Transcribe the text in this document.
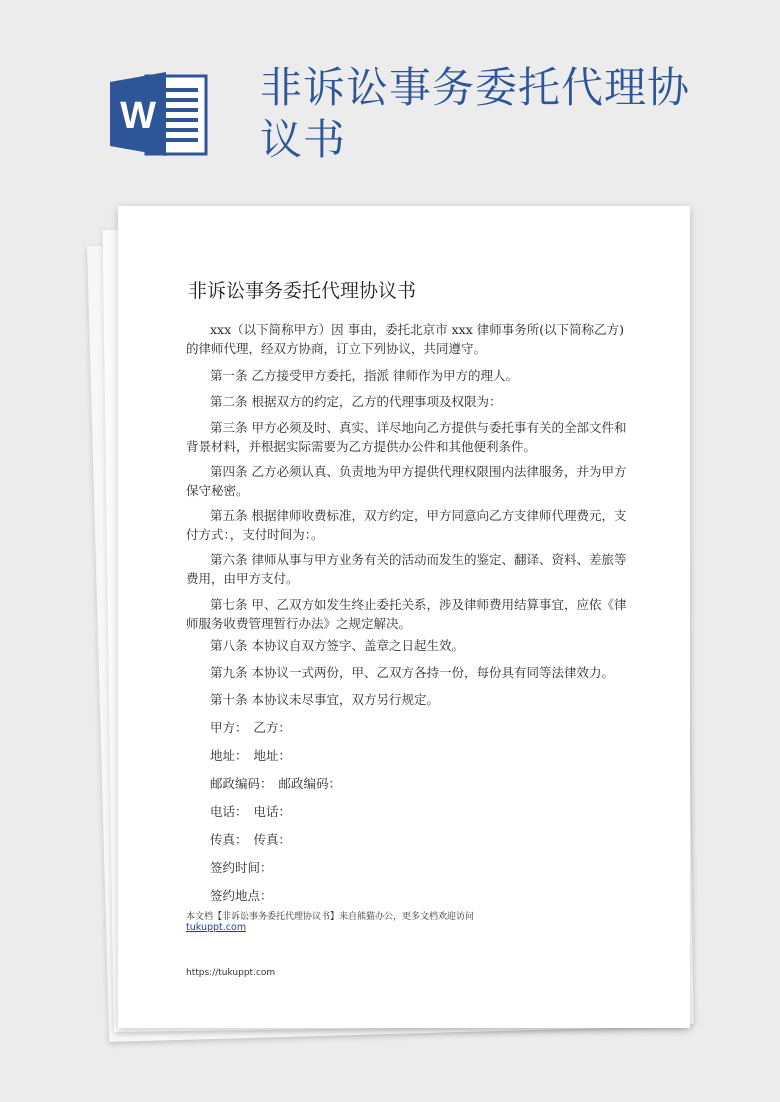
W
非诉讼事务委托代理协
议书
非诉讼事务委托代理协议书

xxx（以下简称甲方）因 事由，委托北京市 xxx 律师事务所(以下简称乙方)的律师代理，经双方协商，订立下列协议，共同遵守。

第一条 乙方接受甲方委托，指派 律师作为甲方的理人。

第二条 根据双方的约定，乙方的代理事项及权限为：

第三条 甲方必须及时、真实、详尽地向乙方提供与委托事有关的全部文件和背景材料，并根据实际需要为乙方提供办公件和其他便利条件。

第四条 乙方必须认真、负责地为甲方提供代理权限围内法律服务，并为甲方保守秘密。

第五条 根据律师收费标准，双方约定，甲方同意向乙方支律师代理费元，支付方式：，支付时间为：。

第六条 律师从事与甲方业务有关的活动而发生的鉴定、翻译、资料、差旅等费用，由甲方支付。

第七条 甲、乙双方如发生终止委托关系，涉及律师费用结算事宜，应依《律师服务收费管理暂行办法》之规定解决。

第八条 本协议自双方签字、盖章之日起生效。

第九条 本协议一式两份，甲、乙双方各持一份，每份具有同等法律效力。

第十条 本协议未尽事宜，双方另行规定。

甲方： 乙方：
地址： 地址：
邮政编码： 邮政编码：
电话： 电话：
传真： 传真：
签约时间：
签约地点：
本文档【非诉讼事务委托代理协议书】来自熊猫办公，更多文档欢迎访问
tukuppt.com
https://tukuppt.com
